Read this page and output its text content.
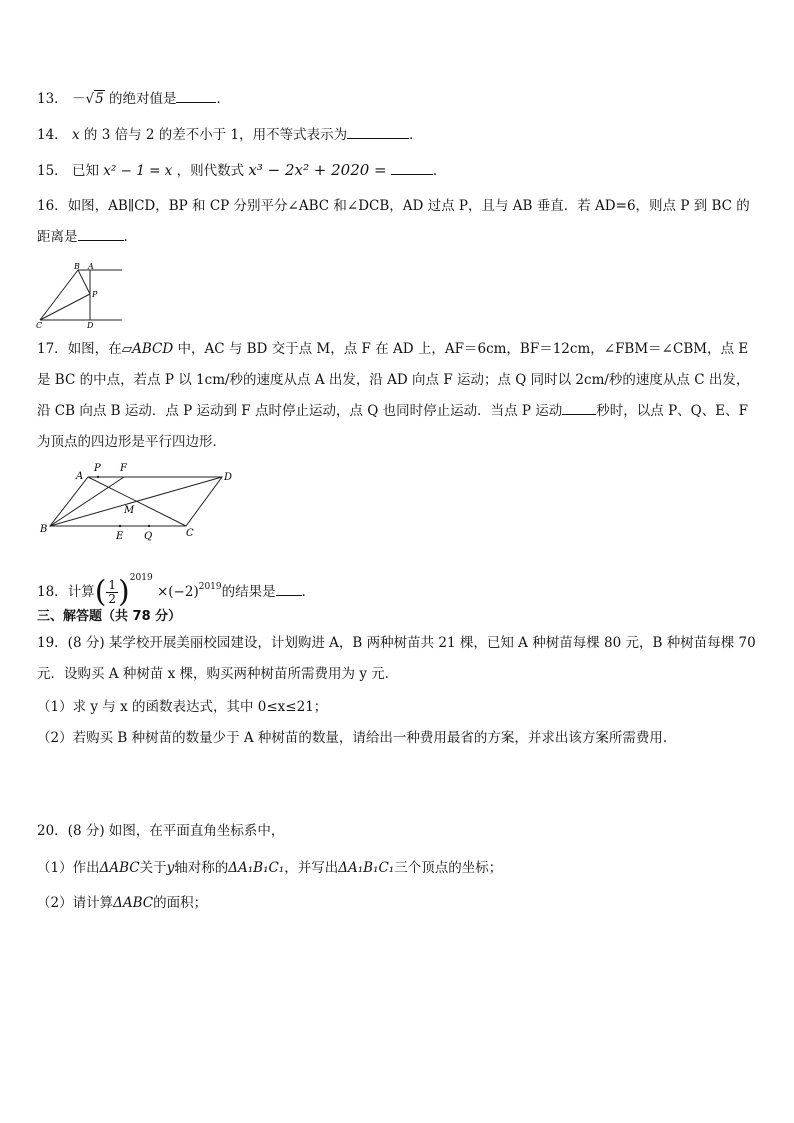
13． －√5 的绝对值是	．
14． x 的 3 倍与 2 的差不小于 1，用不等式表示为	．
15． 已知 x² − 1 = x ，则代数式 x³ − 2x² + 2020 =	.
16．如图，AB∥CD，BP 和 CP 分别平分∠ABC 和∠DCB，AD 过点 P，且与 AB 垂直．若 AD=6，则点 P 到 BC 的距离是	.
B A
P
C	D
17．如图，在▱ABCD 中，AC 与 BD 交于点 M，点 F 在 AD 上，AF＝6cm，BF＝12cm，∠FBM＝∠CBM，点 E 是 BC 的中点，若点 P 以 1cm/秒的速度从点 A 出发，沿 AD 向点 F 运动；点 Q 同时以 2cm/秒的速度从点 C 出发，沿 CB 向点 B 运动．点 P 运动到 F 点时停止运动，点 Q 也同时停止运动．当点 P 运动	秒时，以点 P、Q、E、F 为顶点的四边形是平行四边形．
A
P F
D
M
B
E Q	C
18．计算( $\frac{1}{2} )^{2019} \times(-2)^{2019}$的结果是 ．
三、解答题（共 78 分）
19．(8 分) 某学校开展美丽校园建设，计划购进 A，B 两种树苗共 21 棵，已知 A 种树苗每棵 80 元，B 种树苗每棵 70 元．设购买 A 种树苗 x 棵，购买两种树苗所需费用为 y 元．
（1）求 y 与 x 的函数表达式，其中 0≤x≤21；
（2）若购买 B 种树苗的数量少于 A 种树苗的数量，请给出一种费用最省的方案，并求出该方案所需费用．
20．(8 分) 如图，在平面直角坐标系中，
（1）作出ΔABC关于y轴对称的ΔA₁B₁C₁，并写出ΔA₁B₁C₁三个顶点的坐标；
（2）请计算ΔABC的面积；
